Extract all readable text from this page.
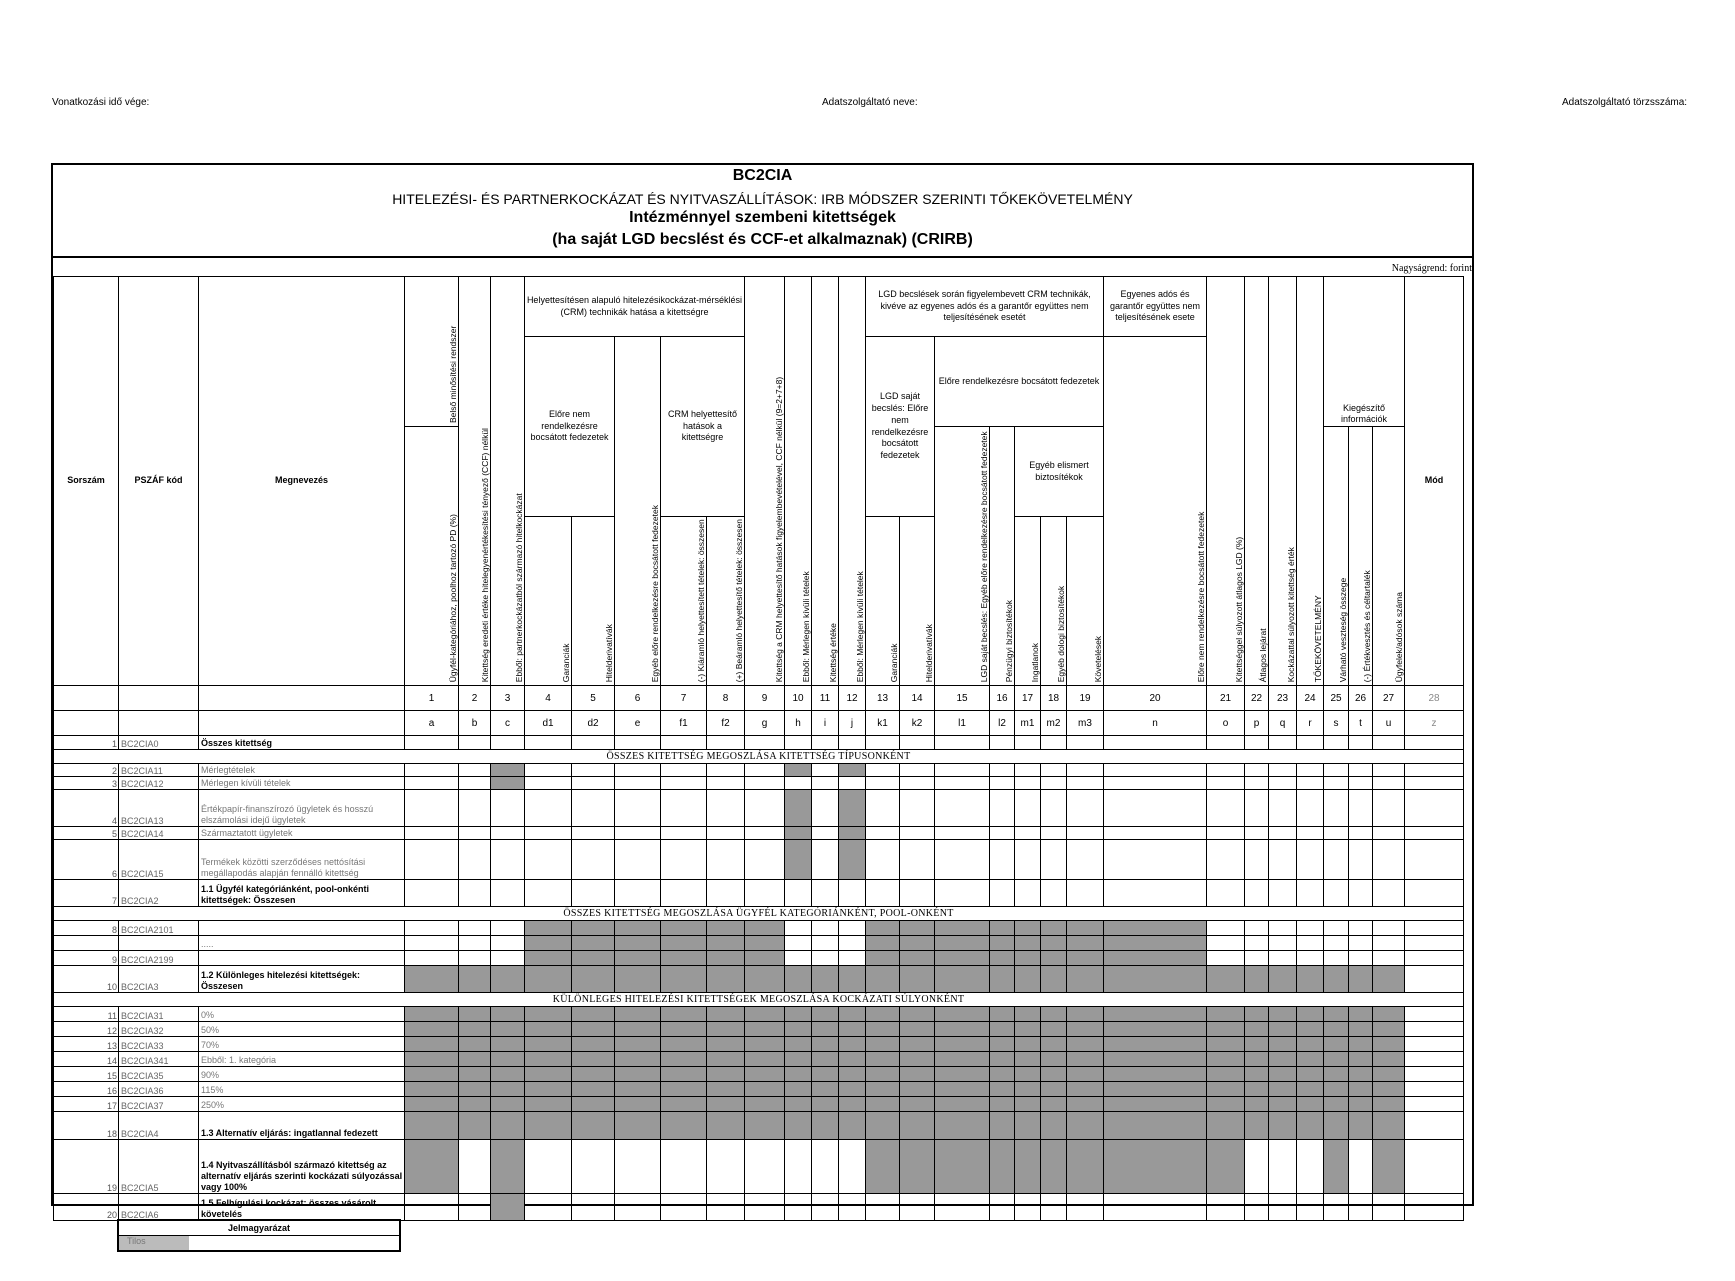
Vonatkozási idő vége:	Adatszolgáltató neve:	Adatszolgáltató törzsszáma:
BC2CIA
HITELEZÉSI- ÉS PARTNERKOCKÁZAT ÉS NYITVASZÁLLÍTÁSOK: IRB MÓDSZER SZERINTI TŐKEKÖVETELMÉNY
Intézménnyel szembeni kitettségek
(ha saját LGD becslést és CCF-et alkalmaznak) (CRIRB)
Nagyságrend: forint
Sorszám	PSZÁF kód	Megnevezés	Belső minősítési rendszer	Kitettség eredeti értéke hitelegyenértékesítési tényező (CCF) nélkül	Ebből: partnerkockázatból származó hitelkockázat	Helyettesítésen alapuló hitelezésikockázat-mérséklési (CRM) technikák hatása a kitettségre					Kitettség a CRM helyettesítő hatások figyelembevételével, CCF nélkül (9=2+7+8)	Ebből: Mérlegen kívüli tételek	Kitettség értéke	Ebből: Mérlegen kívüli tételek	LGD becslések során figyelembevett CRM technikák, kivéve az egyenes adós és a garantőr együttes nem teljesítésének esetét							Egyenes adós és garantőr együttes nem teljesítésének esete	Kitettséggel súlyozott átlagos LGD (%)	Átlagos lejárat	Kockázattal súlyozott kitettség érték	TŐKEKÖVETELMÉNY	Kiegészítő információk			Mód
						Előre nem rendelkezésre bocsátott fedezetek		Egyéb előre rendelkezésre bocsátott fedezetek	CRM helyettesítő hatások a kitettségre						LGD saját becslés: Előre nem rendelkezésre bocsátott fedezetek		Előre rendelkezésre bocsátott fedezetek					Előre nem rendelkezésre bocsátott fedezetek								
			Ügyfél-kategóriához, poolhoz tartozó PD (%)														LGD saját becslés: Egyéb előre rendelkezésre bocsátott fedezetek	Pénzügyi biztosítékok	Egyéb elismert biztosítékok								Várható veszteség összege	(-) Értékvesztés és céltartalék	Ügyfelek/adósok száma	
						Garanciák	Hitelderivatívák		(-) Kiáramló helyettesített tételek: összesen	(+) Beáramló helyettesítő tételek: összesen					Garanciák	Hitelderivatívák			Ingatlanok	Egyéb dologi biztosítékok	Követelések									
			1	2	3	4	5	6	7	8	9	10	11	12	13	14	15	16	17	18	19	20	21	22	23	24	25	26	27	28
			a	b	c	d1	d2	e	f1	f2	g	h	i	j	k1	k2	l1	l2	m1	m2	m3	n	o	p	q	r	s	t	u	z
1	BC2CIA0	Összes kitettség																												
ÖSSZES KITETTSÉG MEGOSZLÁSA KITETTSÉG TÍPUSONKÉNT																														
2	BC2CIA11	Mérlegtételek																												
3	BC2CIA12	Mérlegen kívüli tételek																												
4	BC2CIA13	Értékpapír-finanszírozó ügyletek és hosszú elszámolási idejű ügyletek																												
5	BC2CIA14	Származtatott ügyletek																												
6	BC2CIA15	Termékek közötti szerződéses nettósítási megállapodás alapján fennálló kitettség																												
7	BC2CIA2	1.1 Ügyfél kategóriánként, pool-onkénti kitettségek: Összesen																												
ÖSSZES KITETTSÉG MEGOSZLÁSA ÜGYFÉL KATEGÓRIÁNKÉNT, POOL-ONKÉNT																														
8	BC2CIA2101																													
		.....																												
9	BC2CIA2199																													
10	BC2CIA3	1.2 Különleges hitelezési kitettségek: Összesen																												
KÜLÖNLEGES HITELEZÉSI KITETTSÉGEK MEGOSZLÁSA KOCKÁZATI SÚLYONKÉNT																														
11	BC2CIA31	0%																												
12	BC2CIA32	50%																												
13	BC2CIA33	70%																												
14	BC2CIA341	Ebből: 1. kategória																												
15	BC2CIA35	90%																												
16	BC2CIA36	115%																												
17	BC2CIA37	250%																												
18	BC2CIA4	1.3 Alternatív eljárás: ingatlannal fedezett																												
19	BC2CIA5	1.4 Nyitvaszállításból származó kitettség az alternatív eljárás szerinti kockázati súlyozással vagy 100%																												
20	BC2CIA6	1.5 Felhígulási kockázat: összes vásárolt követelés																												
Jelmagyarázat

Tilos
